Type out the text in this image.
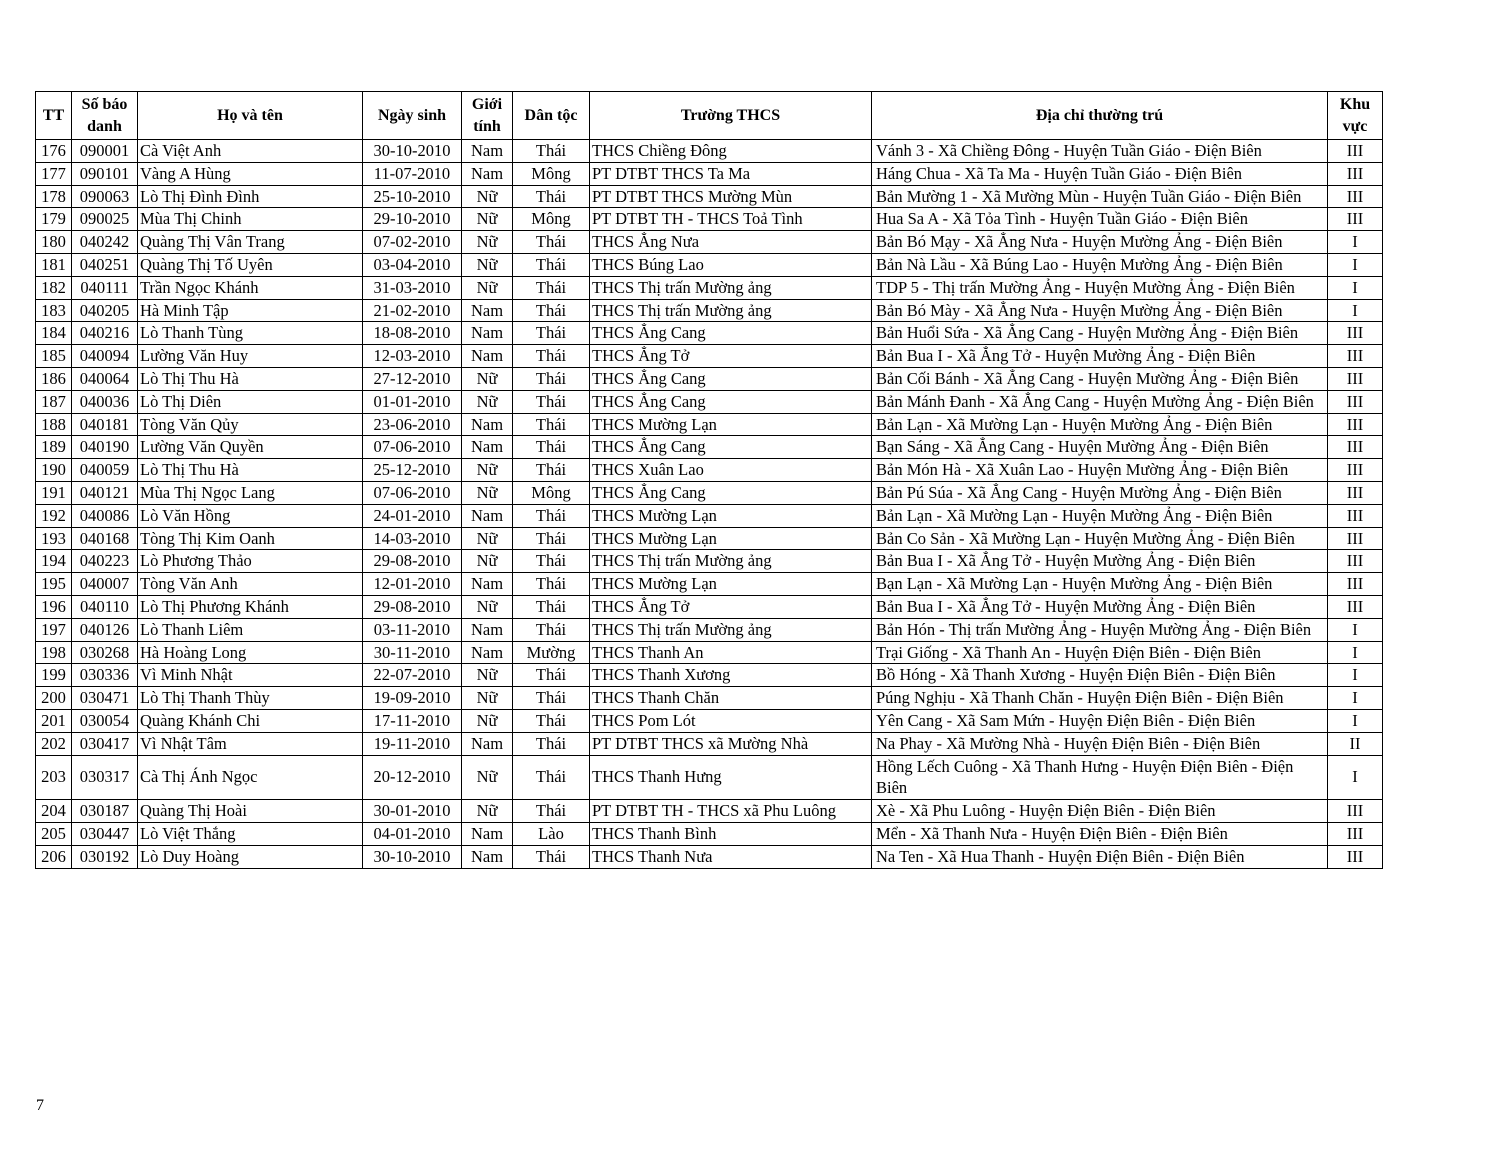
TT	Số báo danh	Họ và tên	Ngày sinh	Giới tính	Dân tộc	Trường THCS	Địa chỉ thường trú	Khu vực
176	090001	Cà Việt Anh	30-10-2010	Nam	Thái	THCS Chiềng Đông	Vánh 3 - Xã Chiềng Đông - Huyện Tuần Giáo - Điện Biên	III
177	090101	Vàng A Hùng	11-07-2010	Nam	Mông	PT DTBT THCS Ta Ma	Háng Chua - Xã Ta Ma - Huyện Tuần Giáo - Điện Biên	III
178	090063	Lò Thị Đình Đình	25-10-2010	Nữ	Thái	PT DTBT THCS Mường Mùn	Bản Mường 1 - Xã Mường Mùn - Huyện Tuần Giáo - Điện Biên	III
179	090025	Mùa Thị Chinh	29-10-2010	Nữ	Mông	PT DTBT TH - THCS Toả Tình	Hua Sa A - Xã Tỏa Tình - Huyện Tuần Giáo - Điện Biên	III
180	040242	Quàng Thị Vân Trang	07-02-2010	Nữ	Thái	THCS Ẳng Nưa	Bản Bó Mạy - Xã Ẳng Nưa - Huyện Mường Ảng - Điện Biên	I
181	040251	Quàng Thị Tố Uyên	03-04-2010	Nữ	Thái	THCS Búng Lao	Bản Nà Lầu - Xã Búng Lao - Huyện Mường Ảng - Điện Biên	I
182	040111	Trần Ngọc Khánh	31-03-2010	Nữ	Thái	THCS Thị trấn Mường ảng	TDP 5 - Thị trấn Mường Ảng - Huyện Mường Ảng - Điện Biên	I
183	040205	Hà Minh Tập	21-02-2010	Nam	Thái	THCS Thị trấn Mường ảng	Bản Bó Mày - Xã Ẳng Nưa - Huyện Mường Ảng - Điện Biên	I
184	040216	Lò Thanh Tùng	18-08-2010	Nam	Thái	THCS Ẳng Cang	Bản Huổi Sứa - Xã Ẳng Cang - Huyện Mường Ảng - Điện Biên	III
185	040094	Lường Văn Huy	12-03-2010	Nam	Thái	THCS Ẳng Tở	Bản Bua I - Xã Ẳng Tở - Huyện Mường Ảng - Điện Biên	III
186	040064	Lò Thị Thu Hà	27-12-2010	Nữ	Thái	THCS Ẳng Cang	Bản Cối Bánh - Xã Ẳng Cang - Huyện Mường Ảng - Điện Biên	III
187	040036	Lò Thị Diên	01-01-2010	Nữ	Thái	THCS Ẳng Cang	Bản Mánh Đanh - Xã Ẳng Cang - Huyện Mường Ảng - Điện Biên	III
188	040181	Tòng Văn Qủy	23-06-2010	Nam	Thái	THCS Mường Lạn	Bản Lạn - Xã Mường Lạn - Huyện Mường Ảng - Điện Biên	III
189	040190	Lường Văn Quyền	07-06-2010	Nam	Thái	THCS Ẳng Cang	Bạn Sáng - Xã Ẳng Cang - Huyện Mường Ảng - Điện Biên	III
190	040059	Lò Thị Thu Hà	25-12-2010	Nữ	Thái	THCS Xuân Lao	Bản Món Hà - Xã Xuân Lao - Huyện Mường Ảng - Điện Biên	III
191	040121	Mùa Thị Ngọc Lang	07-06-2010	Nữ	Mông	THCS Ẳng Cang	Bản Pú Súa - Xã Ẳng Cang - Huyện Mường Ảng - Điện Biên	III
192	040086	Lò Văn Hồng	24-01-2010	Nam	Thái	THCS Mường Lạn	Bản Lạn - Xã Mường Lạn - Huyện Mường Ảng - Điện Biên	III
193	040168	Tòng Thị Kim Oanh	14-03-2010	Nữ	Thái	THCS Mường Lạn	Bản Co Sản - Xã Mường Lạn - Huyện Mường Ảng - Điện Biên	III
194	040223	Lò Phương Thảo	29-08-2010	Nữ	Thái	THCS Thị trấn Mường ảng	Bản Bua I - Xã Ẳng Tở - Huyện Mường Ảng - Điện Biên	III
195	040007	Tòng Văn Anh	12-01-2010	Nam	Thái	THCS Mường Lạn	Bạn Lạn - Xã Mường Lạn - Huyện Mường Ảng - Điện Biên	III
196	040110	Lò Thị Phương Khánh	29-08-2010	Nữ	Thái	THCS Ẳng Tở	Bản Bua I - Xã Ẳng Tở - Huyện Mường Ảng - Điện Biên	III
197	040126	Lò Thanh Liêm	03-11-2010	Nam	Thái	THCS Thị trấn Mường ảng	Bản Hón - Thị trấn Mường Ảng - Huyện Mường Ảng - Điện Biên	I
198	030268	Hà Hoàng Long	30-11-2010	Nam	Mường	THCS Thanh An	Trại Giống - Xã Thanh An - Huyện Điện Biên - Điện Biên	I
199	030336	Vì Minh Nhật	22-07-2010	Nữ	Thái	THCS Thanh Xương	Bồ Hóng - Xã Thanh Xương - Huyện Điện Biên - Điện Biên	I
200	030471	Lò Thị Thanh Thùy	19-09-2010	Nữ	Thái	THCS Thanh Chăn	Púng Nghịu - Xã Thanh Chăn - Huyện Điện Biên - Điện Biên	I
201	030054	Quàng Khánh Chi	17-11-2010	Nữ	Thái	THCS Pom Lót	Yên Cang - Xã Sam Mứn - Huyện Điện Biên - Điện Biên	I
202	030417	Vì Nhật Tâm	19-11-2010	Nam	Thái	PT DTBT THCS xã Mường Nhà	Na Phay - Xã Mường Nhà - Huyện Điện Biên - Điện Biên	II
203	030317	Cà Thị Ánh Ngọc	20-12-2010	Nữ	Thái	THCS Thanh Hưng	Hồng Lếch Cuông - Xã Thanh Hưng - Huyện Điện Biên - Điện Biên	I
204	030187	Quàng Thị Hoài	30-01-2010	Nữ	Thái	PT DTBT TH - THCS xã Phu Luông	Xè - Xã Phu Luông - Huyện Điện Biên - Điện Biên	III
205	030447	Lò Việt Thắng	04-01-2010	Nam	Lào	THCS Thanh Bình	Mển - Xã Thanh Nưa - Huyện Điện Biên - Điện Biên	III
206	030192	Lò Duy Hoàng	30-10-2010	Nam	Thái	THCS Thanh Nưa	Na Ten - Xã Hua Thanh - Huyện Điện Biên - Điện Biên	III
7
